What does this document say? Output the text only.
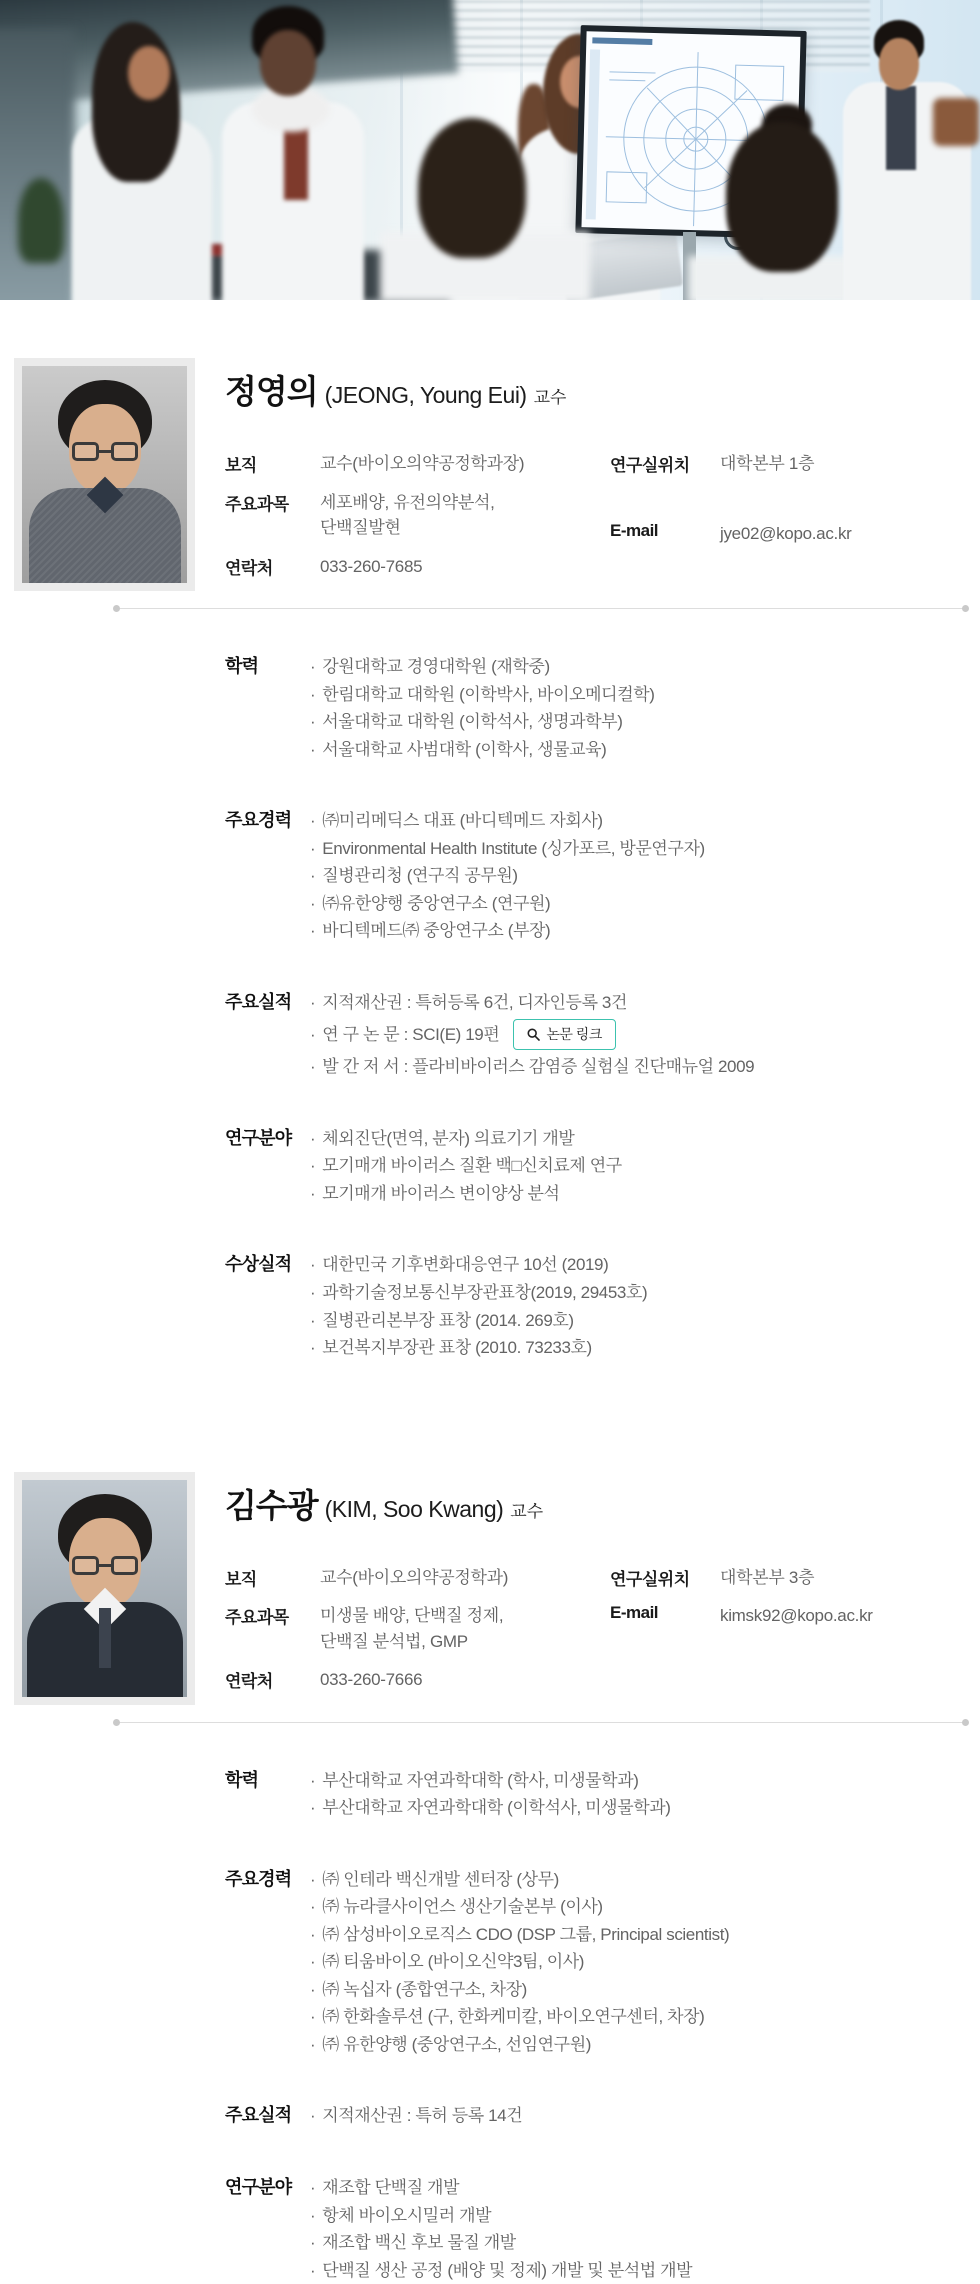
정영의 (JEONG, Young Eui) 교수
보직	교수(바이오의약공정학과장)
주요과목	세포배양, 유전의약분석,
단백질발현
연락처	033-260-7685
연구실위치	대학본부 1층
E-mail	jye02@kopo.ac.kr
학력	· 강원대학교 경영대학원 (재학중)
· 한림대학교 대학원 (이학박사, 바이오메디컬학)
· 서울대학교 대학원 (이학석사, 생명과학부)
· 서울대학교 사범대학 (이학사, 생물교육)
주요경력	· ㈜미리메딕스 대표 (바디텍메드 자회사)
· Environmental Health Institute (싱가포르, 방문연구자)
· 질병관리청 (연구직 공무원)
· ㈜유한양행 중앙연구소 (연구원)
· 바디텍메드㈜ 중앙연구소 (부장)
주요실적	· 지적재산권 : 특허등록 6건, 디자인등록 3건
· 연 구 논 문 : SCI(E) 19편	논문 링크
· 발 간 저 서 : 플라비바이러스 감염증 실험실 진단매뉴얼 2009
연구분야	· 체외진단(면역, 분자) 의료기기 개발
· 모기매개 바이러스 질환 백□신치료제 연구
· 모기매개 바이러스 변이양상 분석
수상실적	· 대한민국 기후변화대응연구 10선 (2019)
· 과학기술정보통신부장관표창(2019, 29453호)
· 질병관리본부장 표창 (2014. 269호)
· 보건복지부장관 표창 (2010. 73233호)
김수광 (KIM, Soo Kwang) 교수
보직	교수(바이오의약공정학과)
주요과목	미생물 배양, 단백질 정제,
단백질 분석법, GMP
연락처	033-260-7666
연구실위치	대학본부 3층
E-mail	kimsk92@kopo.ac.kr
학력	· 부산대학교 자연과학대학 (학사, 미생물학과)
· 부산대학교 자연과학대학 (이학석사, 미생물학과)
주요경력	· ㈜ 인테라 백신개발 센터장 (상무)
· ㈜ 뉴라클사이언스 생산기술본부 (이사)
· ㈜ 삼성바이오로직스 CDO (DSP 그룹, Principal scientist)
· ㈜ 티움바이오 (바이오신약3팀, 이사)
· ㈜ 녹십자 (종합연구소, 차장)
· ㈜ 한화솔루션 (구, 한화케미칼, 바이오연구센터, 차장)
· ㈜ 유한양행 (중앙연구소, 선임연구원)
주요실적	· 지적재산권 : 특허 등록 14건
연구분야	· 재조합 단백질 개발
· 항체 바이오시밀러 개발
· 재조합 백신 후보 물질 개발
· 단백질 생산 공정 (배양 및 정제) 개발 및 분석법 개발
